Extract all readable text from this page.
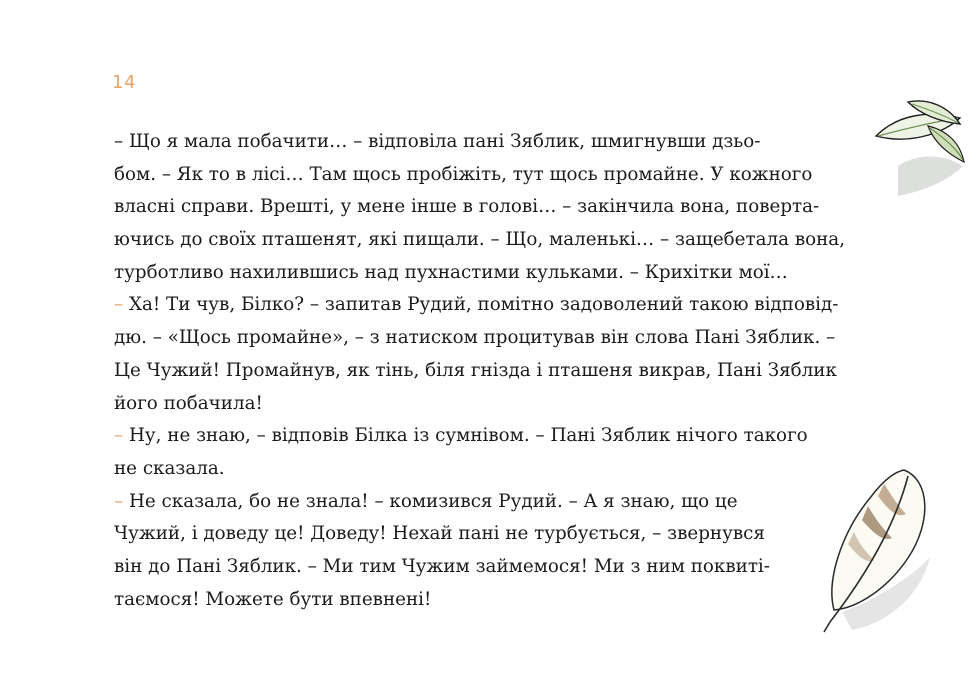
14
– Що я мала побачити… – відповіла пані Зяблик, шмигнувши дзьо-
бом. – Як то в лісі… Там щось пробіжіть, тут щось промайне. У кожного
власні справи. Врешті, у мене інше в голові… – закінчила вона, поверта-
ючись до своїх пташенят, які пищали. – Що, маленькі… – защебетала вона,
турботливо нахилившись над пухнастими кульками. – Крихітки мої…
– Ха! Ти чув, Білко? – запитав Рудий, помітно задоволений такою відповід-
дю. – «Щось промайне», – з натиском процитував він слова Пані Зяблик. –
Це Чужий! Промайнув, як тінь, біля гнізда і пташеня викрав, Пані Зяблик
його побачила!
– Ну, не знаю, – відповів Білка із сумнівом. – Пані Зяблик нічого такого
не сказала.
– Не сказала, бо не знала! – комизився Рудий. – А я знаю, що це
Чужий, і доведу це! Доведу! Нехай пані не турбується, – звернувся
він до Пані Зяблик. – Ми тим Чужим займемося! Ми з ним поквиті-
таємося! Можете бути впевнені!
